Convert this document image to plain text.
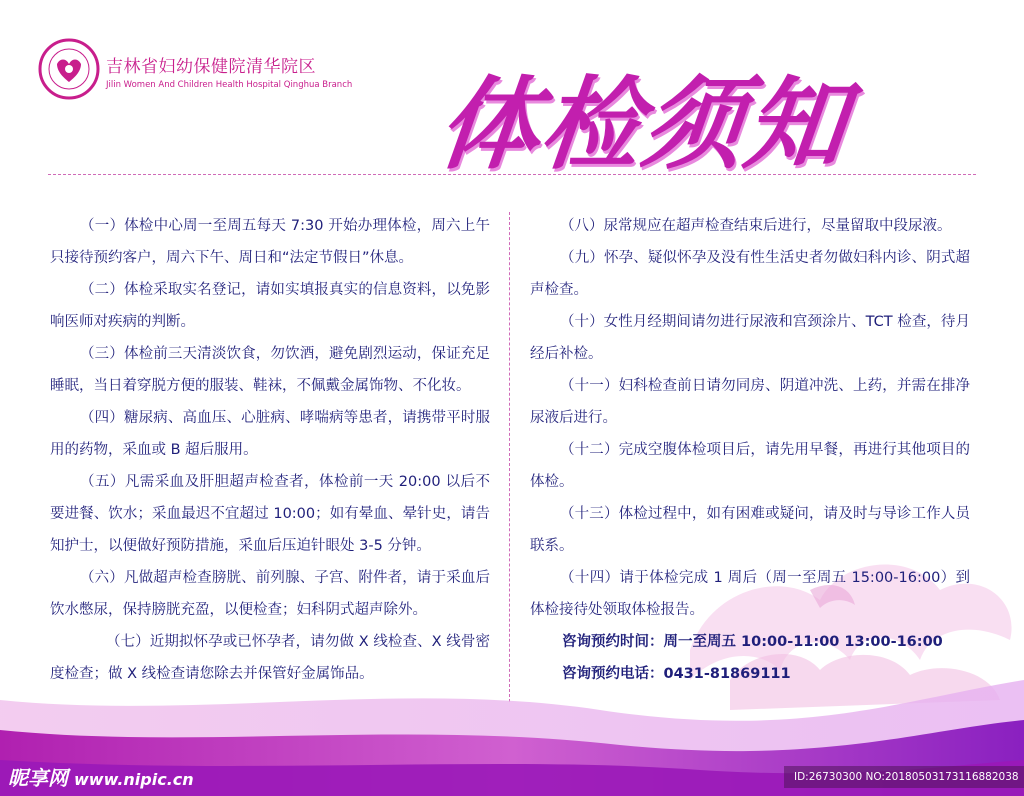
吉林省妇幼保健院清华院区
Jilin Women And Children Health Hospital Qinghua Branch 体检须知

（一）体检中心周一至周五每天 7:30 开始办理体检，周六上午只接待预约客户，周六下午、周日和“法定节假日”休息。

（二）体检采取实名登记，请如实填报真实的信息资料，以免影响医师对疾病的判断。

（三）体检前三天清淡饮食，勿饮酒，避免剧烈运动，保证充足睡眠，当日着穿脱方便的服装、鞋袜，不佩戴金属饰物、不化妆。

（四）糖尿病、高血压、心脏病、哮喘病等患者，请携带平时服用的药物，采血或 B 超后服用。

（五）凡需采血及肝胆超声检查者，体检前一天 20:00 以后不要进餐、饮水；采血最迟不宜超过 10:00；如有晕血、晕针史，请告知护士，以便做好预防措施，采血后压迫针眼处 3-5 分钟。

（六）凡做超声检查膀胱、前列腺、子宫、附件者，请于采血后饮水憋尿，保持膀胱充盈，以便检查；妇科阴式超声除外。

（七）近期拟怀孕或已怀孕者，请勿做 X 线检查、X 线骨密度检查；做 X 线检查请您除去并保管好金属饰品。

（八）尿常规应在超声检查结束后进行，尽量留取中段尿液。

（九）怀孕、疑似怀孕及没有性生活史者勿做妇科内诊、阴式超声检查。

（十）女性月经期间请勿进行尿液和宫颈涂片、TCT 检查，待月经后补检。

（十一）妇科检查前日请勿同房、阴道冲洗、上药，并需在排净尿液后进行。

（十二）完成空腹体检项目后，请先用早餐，再进行其他项目的体检。

（十三）体检过程中，如有困难或疑问，请及时与导诊工作人员联系。

（十四）请于体检完成 1 周后（周一至周五 15:00-16:00）到体检接待处领取体检报告。

咨询预约时间：周一至周五 10:00-11:00 13:00-16:00
咨询预约电话：0431-81869111
昵享网 www.nipic.cn	ID:26730300 NO:20180503173116882038
